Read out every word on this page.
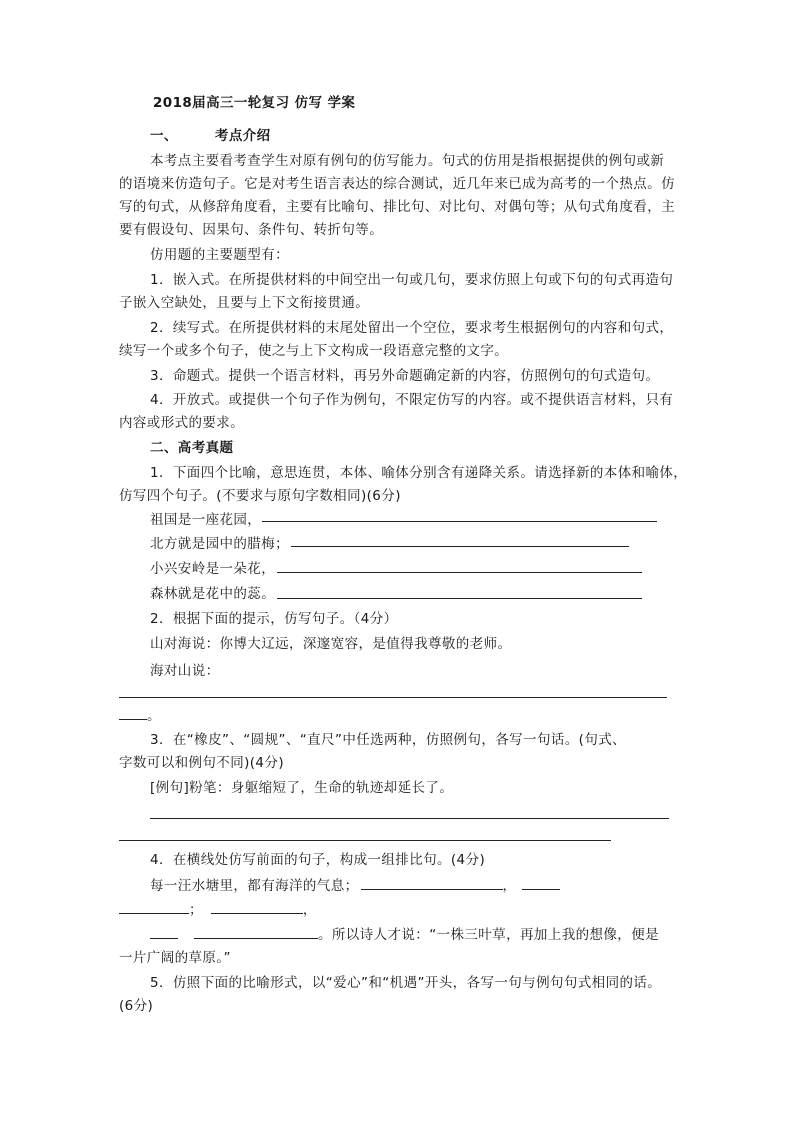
2018届高三一轮复习 仿写 学案
一、	考点介绍
本考点主要看考查学生对原有例句的仿写能力。句式的仿用是指根据提供的例句或新
的语境来仿造句子。它是对考生语言表达的综合测试，近几年来已成为高考的一个热点。仿
写的句式，从修辞角度看，主要有比喻句、排比句、对比句、对偶句等；从句式角度看，主
要有假设句、因果句、条件句、转折句等。
仿用题的主要题型有：
1．嵌入式。在所提供材料的中间空出一句或几句，要求仿照上句或下句的句式再造句
子嵌入空缺处，且要与上下文衔接贯通。
2．续写式。在所提供材料的末尾处留出一个空位，要求考生根据例句的内容和句式，
续写一个或多个句子，使之与上下文构成一段语意完整的文字。
3．命题式。提供一个语言材料，再另外命题确定新的内容，仿照例句的句式造句。
4．开放式。或提供一个句子作为例句，不限定仿写的内容。或不提供语言材料，只有
内容或形式的要求。
二、高考真题
1．下面四个比喻，意思连贯，本体、喻体分别含有递降关系。请选择新的本体和喻体，
仿写四个句子。(不要求与原句字数相同)(6分)
祖国是一座花园，
北方就是园中的腊梅；
小兴安岭是一朵花，
森林就是花中的蕊。
2．根据下面的提示，仿写句子。（4分）
山对海说：你博大辽远，深邃宽容，是值得我尊敬的老师。
海对山说：
。
3．在“橡皮”、“圆规”、“直尺”中任选两种，仿照例句，各写一句话。(句式、
字数可以和例句不同)(4分)
[例句]粉笔：身躯缩短了，生命的轨迹却延长了。
4．在横线处仿写前面的句子，构成一组排比句。(4分)
每一汪水塘里，都有海洋的气息；	，
；	，
。所以诗人才说：“一株三叶草，再加上我的想像，便是
一片广阔的草原。”
5．仿照下面的比喻形式，以“爱心”和“机遇”开头，各写一句与例句句式相同的话。
(6分)
